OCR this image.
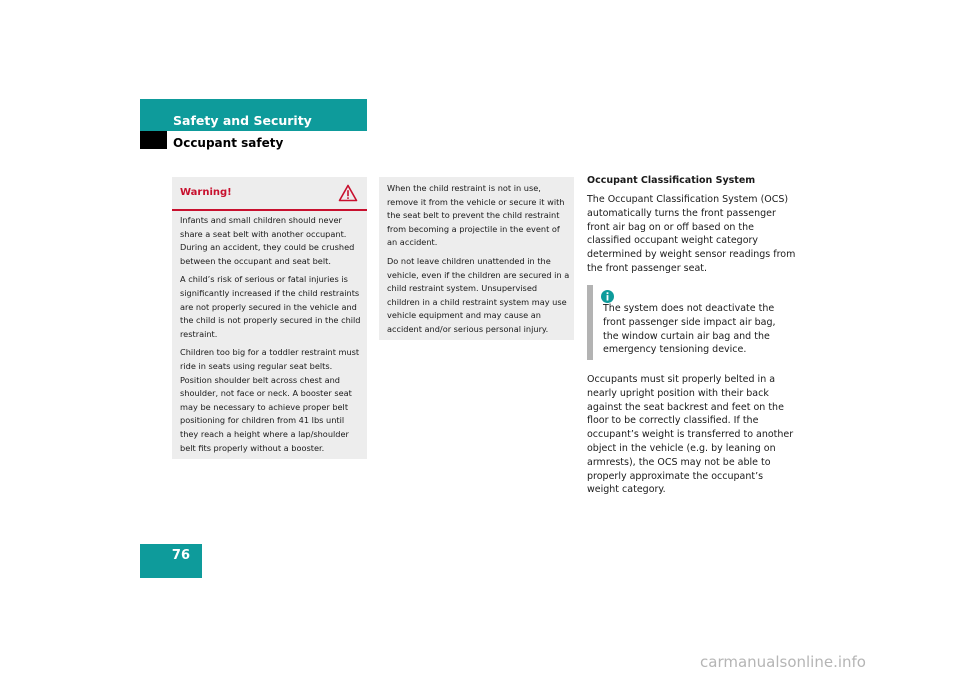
Safety and Security
Occupant safety
Warning!

Infants and small children should never share a seat belt with another occupant. During an accident, they could be crushed between the occupant and seat belt.

A child’s risk of serious or fatal injuries is significantly increased if the child restraints are not properly secured in the vehicle and the child is not properly secured in the child restraint.

Children too big for a toddler restraint must ride in seats using regular seat belts. Position shoulder belt across chest and shoulder, not face or neck. A booster seat may be necessary to achieve proper belt positioning for children from 41 lbs until they reach a height where a lap/shoulder belt fits properly without a booster.

When the child restraint is not in use, remove it from the vehicle or secure it with the seat belt to prevent the child restraint from becoming a projectile in the event of an accident.

Do not leave children unattended in the vehicle, even if the children are secured in a child restraint system. Unsupervised children in a child restraint system may use vehicle equipment and may cause an accident and/or serious personal injury.

Occupant Classification System

The Occupant Classification System (OCS) automatically turns the front passenger front air bag on or off based on the classified occupant weight category determined by weight sensor readings from the front passenger seat.

The system does not deactivate the front passenger side impact air bag, the window curtain air bag and the emergency tensioning device.

Occupants must sit properly belted in a nearly upright position with their back against the seat backrest and feet on the floor to be correctly classified. If the occupant’s weight is transferred to another object in the vehicle (e.g. by leaning on armrests), the OCS may not be able to properly approximate the occupant’s weight category.

76
carmanualsonline.info
